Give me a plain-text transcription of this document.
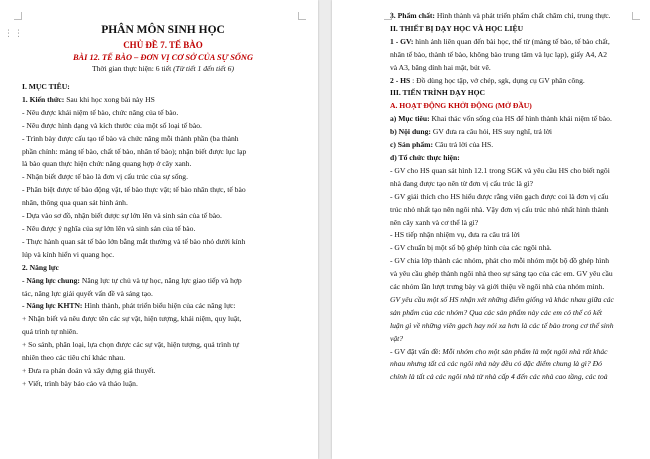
PHÂN MÔN SINH HỌC

CHỦ ĐỀ 7. TẾ BÀO

BÀI 12. TẾ BÀO – ĐƠN VỊ CƠ SỞ CỦA SỰ SỐNG

Thời gian thực hiện: 6 tiết (Từ tiết 1 đến tiết 6)

I. MỤC TIÊU:

1. Kiến thức: Sau khi học xong bài này HS

- Nêu được khái niệm tế bào, chức năng của tế bào.

- Nêu được hình dạng và kích thước của một số loại tế bào.

- Trình bày được cấu tạo tế bào và chức năng mỗi thành phần (ba thành

phần chính: màng tế bào, chất tế bào, nhân tế bào); nhận biết được lục lạp

là bào quan thực hiện chức năng quang hợp ở cây xanh.

- Nhận biết được tế bào là đơn vị cấu trúc của sự sống.

- Phân biệt được tế bào động vật, tế bào thực vật; tế bào nhân thực, tế bào

nhân, thông qua quan sát hình ảnh.

- Dựa vào sơ đồ, nhận biết được sự lớn lên và sinh sản của tế bào.

- Nêu được ý nghĩa của sự lớn lên và sinh sản của tế bào.

- Thực hành quan sát tế bào lớn bằng mắt thường và tế bào nhỏ dưới kính

lúp và kính hiển vi quang học.

2. Năng lực

- Năng lực chung: Năng lực tự chủ và tự học, năng lực giao tiếp và hợp

tác, năng lực giải quyết vấn đề và sáng tạo.

- Năng lực KHTN: Hình thành, phát triển biểu hiện của các năng lực:

+ Nhận biết và nêu được tên các sự vật, hiện tượng, khái niệm, quy luật,

quá trình tự nhiên.

+ So sánh, phân loại, lựa chọn được các sự vật, hiện tượng, quá trình tự

nhiên theo các tiêu chí khác nhau.

+ Đưa ra phán đoán và xây dựng giả thuyết.

+ Viết, trình bày báo cáo và thảo luận.

⋮⋮

3. Phẩm chất: Hình thành và phát triển phẩm chất chăm chỉ, trung thực.

II. THIẾT BỊ DẠY HỌC VÀ HỌC LIỆU

1 - GV: hình ảnh liên quan đến bài học, thế từ (màng tế bào, tế bào chất,

nhân tế bào, thành tế bào, không bào trung tâm và lục lạp), giấy A4, A2

và A3, băng dính hai mặt, bút vẽ.

2 - HS : Đồ dùng học tập, vở chép, sgk, dụng cụ GV phân công.

III. TIẾN TRÌNH DẠY HỌC

A. HOẠT ĐỘNG KHỞI ĐỘNG (MỞ ĐẦU)

a) Mục tiêu: Khai thác vốn sống của HS để hình thành khái niệm tế bào.

b) Nội dung: GV đưa ra câu hỏi, HS suy nghĩ, trả lời

c) Sản phẩm: Câu trả lời của HS.

d) Tổ chức thực hiện:

- GV cho HS quan sát hình 12.1 trong SGK và yêu cầu HS cho biết ngôi

nhà đang được tạo nên từ đơn vị cấu trúc là gì?

- GV giải thích cho HS hiểu được rằng viên gạch được coi là đơn vị cấu

trúc nhỏ nhất tạo nên ngôi nhà. Vậy đơn vị cấu trúc nhỏ nhất hình thành

nên cây xanh và cơ thể là gì?

- HS tiếp nhận nhiệm vụ, đưa ra câu trả lời

- GV chuẩn bị một số bộ ghép hình của các ngôi nhà.

- GV chia lớp thành các nhóm, phát cho mỗi nhóm một bộ đồ ghép hình

và yêu cầu ghép thành ngôi nhà theo sự sáng tạo của các em. GV yêu cầu

các nhóm lần lượt trưng bày và giới thiệu về ngôi nhà của nhóm mình.

GV yêu cầu một số HS nhận xét những điểm giống và khác nhau giữa các

sản phẩm của các nhóm? Qua các sản phẩm này các em có thể có kết

luận gì về những viên gạch hay nói xa hơn là các tế bào trong cơ thể sinh

vật?

- GV đặt vấn đề: Mỗi nhóm cho một sản phẩm là một ngôi nhà rất khác

nhau nhưng tất cả các ngôi nhà này đều có đặc điểm chung là gì? Đó

chính là tất cả các ngôi nhà từ nhà cấp 4 đến các nhà cao tầng, các toà
